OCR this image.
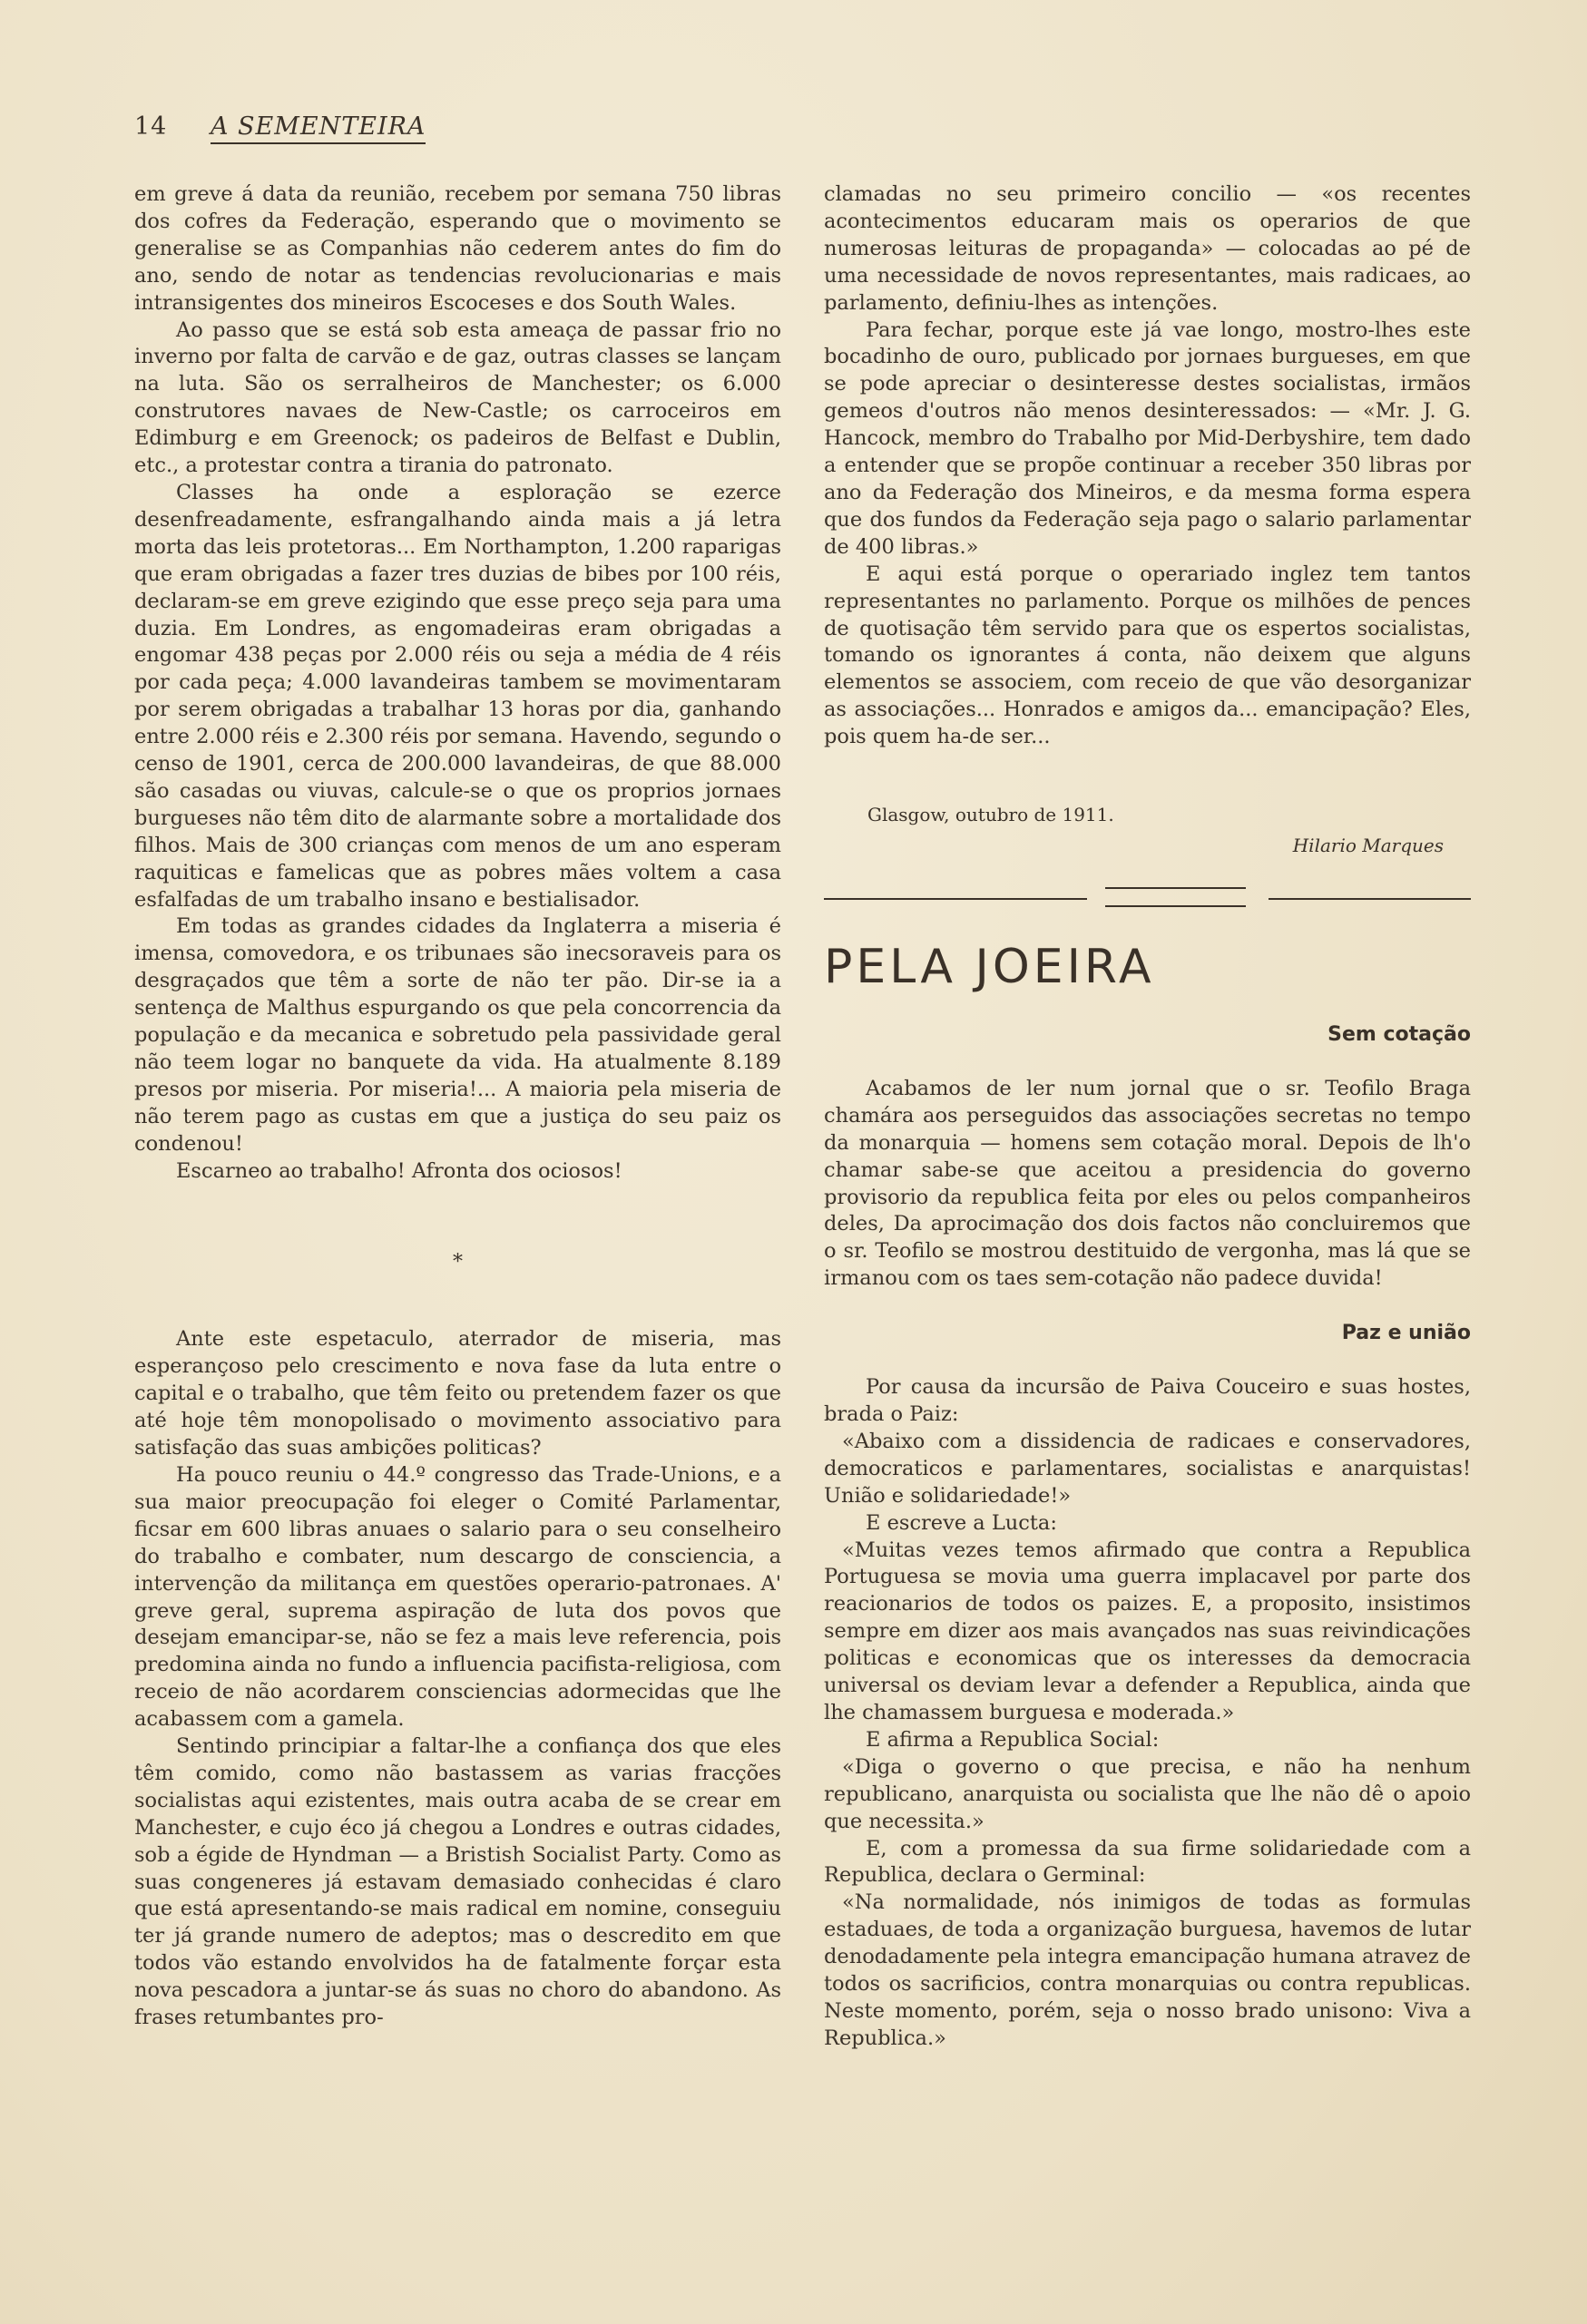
14 A SEMENTEIRA

em greve á data da reunião, recebem por semana 750 libras dos cofres da Federação, esperando que o movimento se generalise se as Companhias não cederem antes do fim do ano, sendo de notar as tendencias revolucionarias e mais intransigentes dos mineiros Escoceses e dos South Wales.

Ao passo que se está sob esta ameaça de passar frio no inverno por falta de carvão e de gaz, outras classes se lançam na luta. São os serralheiros de Manchester; os 6.000 construtores navaes de New-Castle; os carroceiros em Edimburg e em Greenock; os padeiros de Belfast e Dublin, etc., a protestar contra a tirania do patronato.

Classes ha onde a esploração se ezerce desenfreadamente, esfrangalhando ainda mais a já letra morta das leis protetoras... Em Northampton, 1.200 raparigas que eram obrigadas a fazer tres duzias de bibes por 100 réis, declaram-se em greve ezigindo que esse preço seja para uma duzia. Em Londres, as engomadeiras eram obrigadas a engomar 438 peças por 2.000 réis ou seja a média de 4 réis por cada peça; 4.000 lavandeiras tambem se movimentaram por serem obrigadas a trabalhar 13 horas por dia, ganhando entre 2.000 réis e 2.300 réis por semana. Havendo, segundo o censo de 1901, cerca de 200.000 lavandeiras, de que 88.000 são casadas ou viuvas, calcule-se o que os proprios jornaes burgueses não têm dito de alarmante sobre a mortalidade dos filhos. Mais de 300 crianças com menos de um ano esperam raquiticas e famelicas que as pobres mães voltem a casa esfalfadas de um trabalho insano e bestialisador.

Em todas as grandes cidades da Inglaterra a miseria é imensa, comovedora, e os tribunaes são inecsoraveis para os desgraçados que têm a sorte de não ter pão. Dir-se ia a sentença de Malthus espurgando os que pela concorrencia da população e da mecanica e sobretudo pela passividade geral não teem logar no banquete da vida. Ha atualmente 8.189 presos por miseria. Por miseria!... A maioria pela miseria de não terem pago as custas em que a justiça do seu paiz os condenou!

Escarneo ao trabalho! Afronta dos ociosos!

*

Ante este espetaculo, aterrador de miseria, mas esperançoso pelo crescimento e nova fase da luta entre o capital e o trabalho, que têm feito ou pretendem fazer os que até hoje têm monopolisado o movimento associativo para satisfação das suas ambições politicas?

Ha pouco reuniu o 44.º congresso das Trade-Unions, e a sua maior preocupação foi eleger o Comité Parlamentar, ficsar em 600 libras anuaes o salario para o seu conselheiro do trabalho e combater, num descargo de consciencia, a intervenção da militança em questões operario-patronaes. A' greve geral, suprema aspiração de luta dos povos que desejam emancipar-se, não se fez a mais leve referencia, pois predomina ainda no fundo a influencia pacifista-religiosa, com receio de não acordarem consciencias adormecidas que lhe acabassem com a gamela.

Sentindo principiar a faltar-lhe a confiança dos que eles têm comido, como não bastassem as varias fracções socialistas aqui ezistentes, mais outra acaba de se crear em Manchester, e cujo éco já chegou a Londres e outras cidades, sob a égide de Hyndman — a Bristish Socialist Party. Como as suas congeneres já estavam demasiado conhecidas é claro que está apresentando-se mais radical em nomine, conseguiu ter já grande numero de adeptos; mas o descredito em que todos vão estando envolvidos ha de fatalmente forçar esta nova pescadora a juntar-se ás suas no choro do abandono. As frases retumbantes pro-

clamadas no seu primeiro concilio — «os recentes acontecimentos educaram mais os operarios de que numerosas leituras de propaganda» — colocadas ao pé de uma necessidade de novos representantes, mais radicaes, ao parlamento, definiu-lhes as intenções.

Para fechar, porque este já vae longo, mostro-lhes este bocadinho de ouro, publicado por jornaes burgueses, em que se pode apreciar o desinteresse destes socialistas, irmãos gemeos d'outros não menos desinteressados: — «Mr. J. G. Hancock, membro do Trabalho por Mid-Derbyshire, tem dado a entender que se propõe continuar a receber 350 libras por ano da Federação dos Mineiros, e da mesma forma espera que dos fundos da Federação seja pago o salario parlamentar de 400 libras.»

E aqui está porque o operariado inglez tem tantos representantes no parlamento. Porque os milhões de pences de quotisação têm servido para que os espertos socialistas, tomando os ignorantes á conta, não deixem que alguns elementos se associem, com receio de que vão desorganizar as associações... Honrados e amigos da... emancipação? Eles, pois quem ha-de ser...

Glasgow, outubro de 1911.
Hilario Marques
PELA JOEIRA
Sem cotação

Acabamos de ler num jornal que o sr. Teofilo Braga chamára aos perseguidos das associações secretas no tempo da monarquia — homens sem cotação moral. Depois de lh'o chamar sabe-se que aceitou a presidencia do governo provisorio da republica feita por eles ou pelos companheiros deles, Da aprocimação dos dois factos não concluiremos que o sr. Teofilo se mostrou destituido de vergonha, mas lá que se irmanou com os taes sem-cotação não padece duvida!

Paz e união

Por causa da incursão de Paiva Couceiro e suas hostes, brada o Paiz:

«Abaixo com a dissidencia de radicaes e conservadores, democraticos e parlamentares, socialistas e anarquistas! União e solidariedade!»

E escreve a Lucta:

«Muitas vezes temos afirmado que contra a Republica Portuguesa se movia uma guerra implacavel por parte dos reacionarios de todos os paizes. E, a proposito, insistimos sempre em dizer aos mais avançados nas suas reivindicações politicas e economicas que os interesses da democracia universal os deviam levar a defender a Republica, ainda que lhe chamassem burguesa e moderada.»

E afirma a Republica Social:

«Diga o governo o que precisa, e não ha nenhum republicano, anarquista ou socialista que lhe não dê o apoio que necessita.»

E, com a promessa da sua firme solidariedade com a Republica, declara o Germinal:

«Na normalidade, nós inimigos de todas as formulas estaduaes, de toda a organização burguesa, havemos de lutar denodadamente pela integra emancipação humana atravez de todos os sacrificios, contra monarquias ou contra republicas. Neste momento, porém, seja o nosso brado unisono: Viva a Republica.»
